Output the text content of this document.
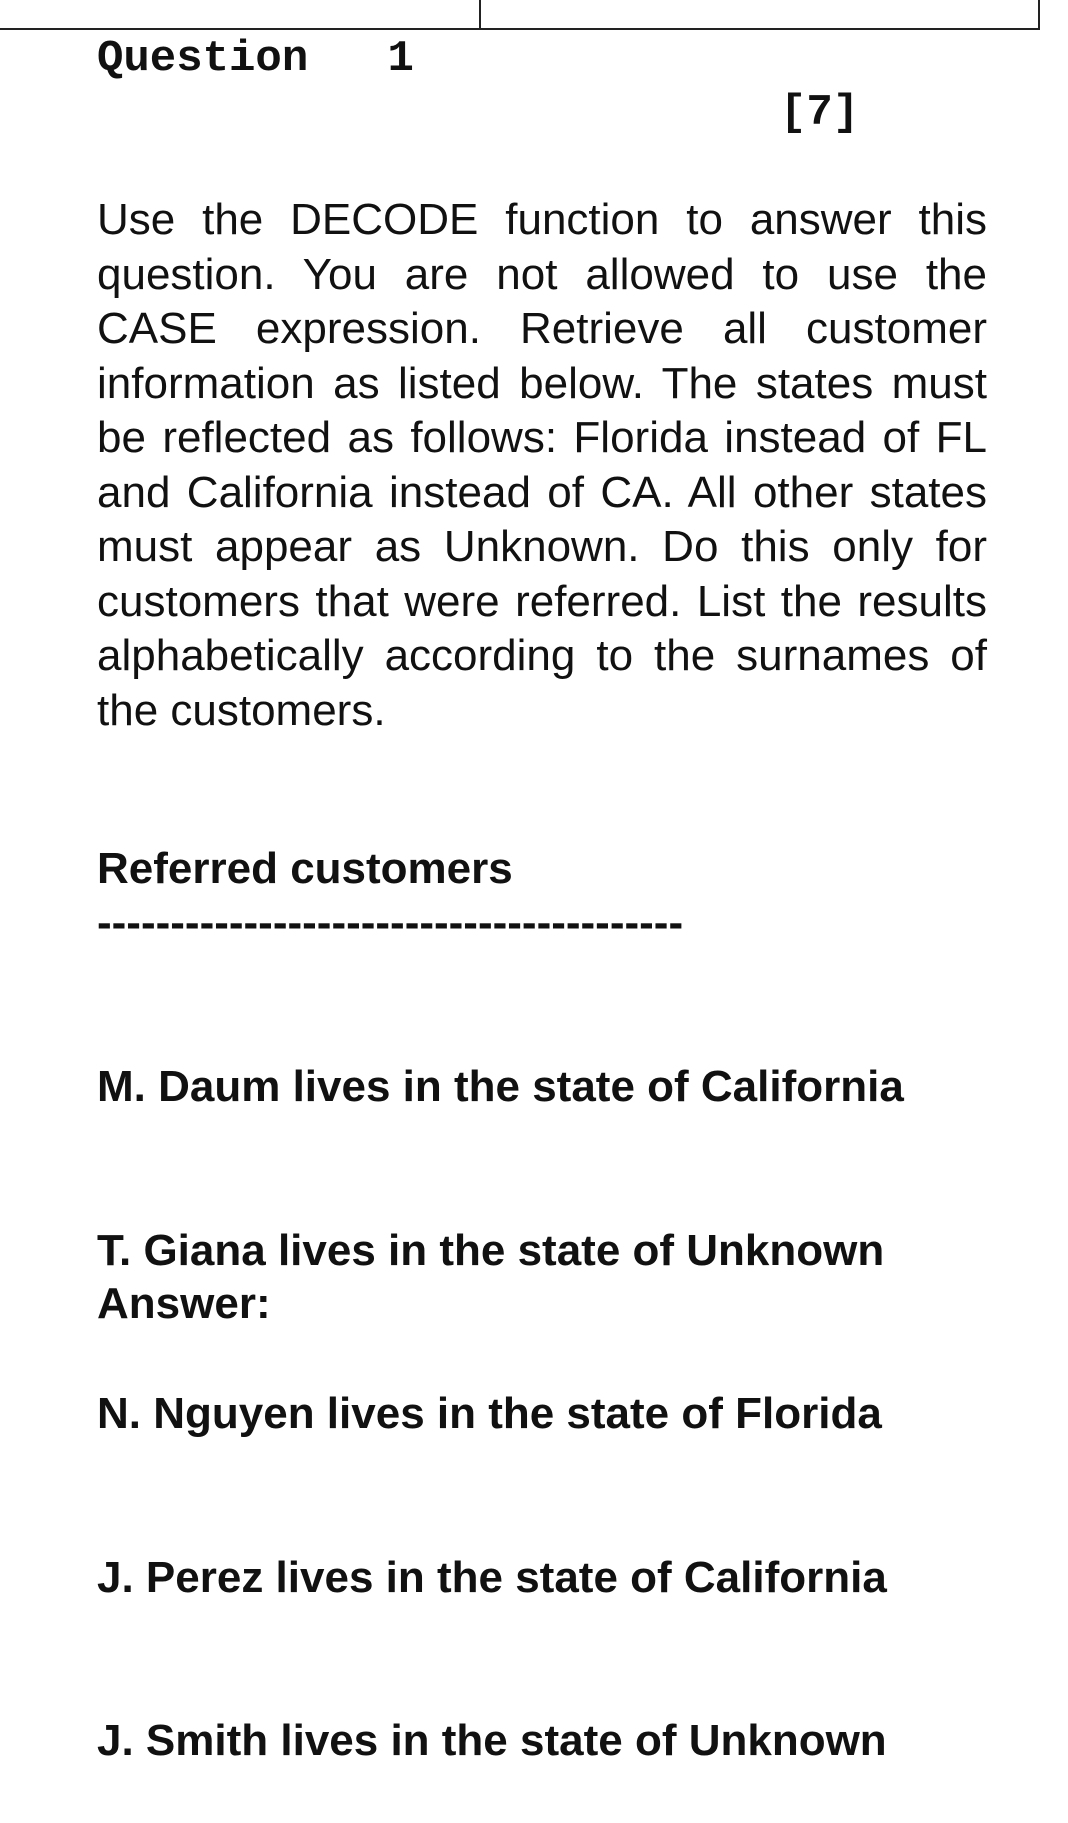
Question   1
[7]

Use the DECODE function to answer this question. You are not allowed to use the CASE expression. Retrieve all customer information as listed below. The states must be reflected as follows: Florida instead of FL and California instead of CA. All other states must appear as Unknown. Do this only for customers that were referred. List the results alphabetically according to the surnames of the customers.

Referred customers
----------------------------------------

M. Daum lives in the state of California

T. Giana lives in the state of Unknown

N. Nguyen lives in the state of Florida

J. Perez lives in the state of California

J. Smith lives in the state of Unknown

Answer:
